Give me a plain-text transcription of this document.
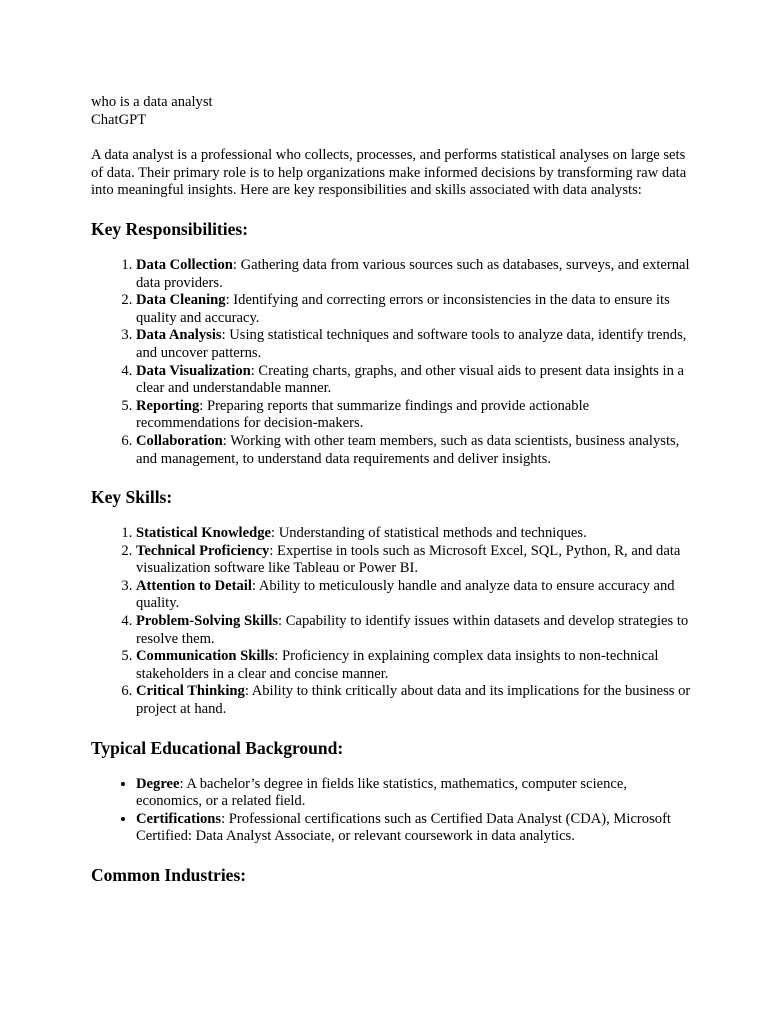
who is a data analyst
ChatGPT

A data analyst is a professional who collects, processes, and performs statistical analyses on large sets of data. Their primary role is to help organizations make informed decisions by transforming raw data into meaningful insights. Here are key responsibilities and skills associated with data analysts:

Key Responsibilities:
1. Data Collection: Gathering data from various sources such as databases, surveys, and external data providers.
2. Data Cleaning: Identifying and correcting errors or inconsistencies in the data to ensure its quality and accuracy.
3. Data Analysis: Using statistical techniques and software tools to analyze data, identify trends, and uncover patterns.
4. Data Visualization: Creating charts, graphs, and other visual aids to present data insights in a clear and understandable manner.
5. Reporting: Preparing reports that summarize findings and provide actionable recommendations for decision-makers.
6. Collaboration: Working with other team members, such as data scientists, business analysts, and management, to understand data requirements and deliver insights.
Key Skills:
1. Statistical Knowledge: Understanding of statistical methods and techniques.
2. Technical Proficiency: Expertise in tools such as Microsoft Excel, SQL, Python, R, and data visualization software like Tableau or Power BI.
3. Attention to Detail: Ability to meticulously handle and analyze data to ensure accuracy and quality.
4. Problem-Solving Skills: Capability to identify issues within datasets and develop strategies to resolve them.
5. Communication Skills: Proficiency in explaining complex data insights to non-technical stakeholders in a clear and concise manner.
6. Critical Thinking: Ability to think critically about data and its implications for the business or project at hand.
Typical Educational Background:
• Degree: A bachelor’s degree in fields like statistics, mathematics, computer science, economics, or a related field.
• Certifications: Professional certifications such as Certified Data Analyst (CDA), Microsoft Certified: Data Analyst Associate, or relevant coursework in data analytics.
Common Industries:
